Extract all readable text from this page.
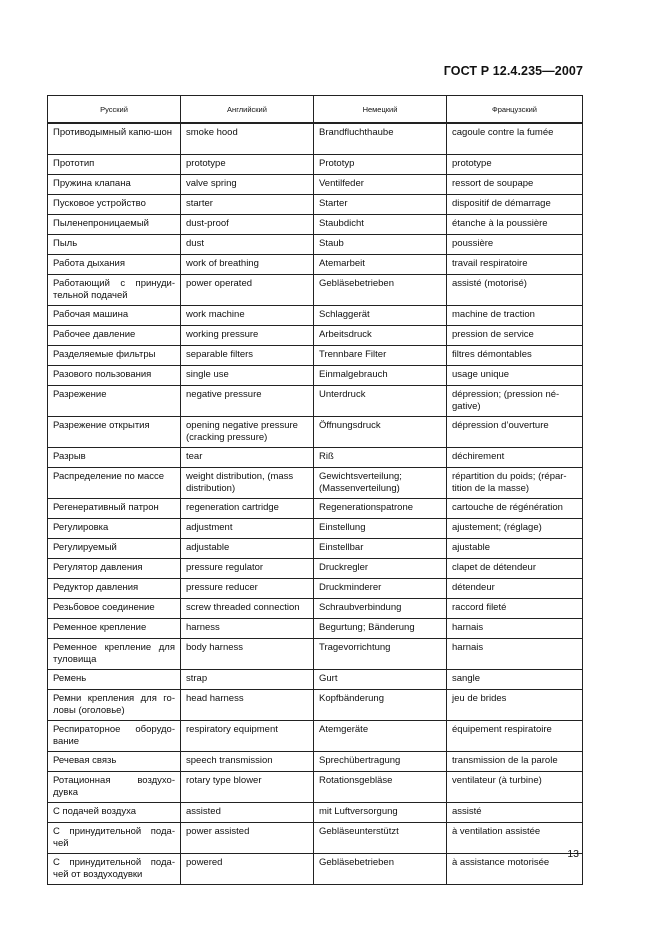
ГОСТ Р 12.4.235—2007
Русский	Английский	Немецкий	Французский
Противодымный капю-шон	smoke hood	Brandfluchthaube	cagoule contre la fumée
Прототип	prototype	Prototyp	prototype
Пружина клапана	valve spring	Ventilfeder	ressort de soupape
Пусковое устройство	starter	Starter	dispositif de démarrage
Пыленепроницаемый	dust-proof	Staubdicht	étanche à la poussière
Пыль	dust	Staub	poussière
Работа дыхания	work of breathing	Atemarbeit	travail respiratoire
Работающий с принуди-тельной подачей	power operated	Gebläsebetrieben	assisté (motorisé)
Рабочая машина	work machine	Schlaggerät	machine de traction
Рабочее давление	working pressure	Arbeitsdruck	pression de service
Разделяемые фильтры	separable filters	Trennbare Filter	filtres démontables
Разового пользования	single use	Einmalgebrauch	usage unique
Разрежение	negative pressure	Unterdruck	dépression; (pression né-gative)
Разрежение открытия	opening negative pressure (cracking pressure)	Öffnungsdruck	dépression d’ouverture
Разрыв	tear	Riß	déchirement
Распределение по массе	weight distribution, (mass distribution)	Gewichtsverteilung; (Massenverteilung)	répartition du poids; (répar-tition de la masse)
Регенеративный патрон	regeneration cartridge	Regenerationspatrone	cartouche de régénération
Регулировка	adjustment	Einstellung	ajustement; (réglage)
Регулируемый	adjustable	Einstellbar	ajustable
Регулятор давления	pressure regulator	Druckregler	clapet de détendeur
Редуктор давления	pressure reducer	Druckminderer	détendeur
Резьбовое соединение	screw threaded connection	Schraubverbindung	raccord fileté
Ременное крепление	harness	Begurtung; Bänderung	harnais
Ременное крепление для туловища	body harness	Tragevorrichtung	harnais
Ремень	strap	Gurt	sangle
Ремни крепления для го-ловы (оголовье)	head harness	Kopfbänderung	jeu de brides
Респираторное оборудо-вание	respiratory equipment	Atemgeräte	équipement respiratoire
Речевая связь	speech transmission	Sprechübertragung	transmission de la parole
Ротационная воздухо-дувка	rotary type blower	Rotationsgebläse	ventilateur (à turbine)
С подачей воздуха	assisted	mit Luftversorgung	assisté
С принудительной пода-чей	power assisted	Gebläseunterstützt	à ventilation assistée
С принудительной пода-чей от воздуходувки	powered	Gebläsebetrieben	à assistance motorisée
13
